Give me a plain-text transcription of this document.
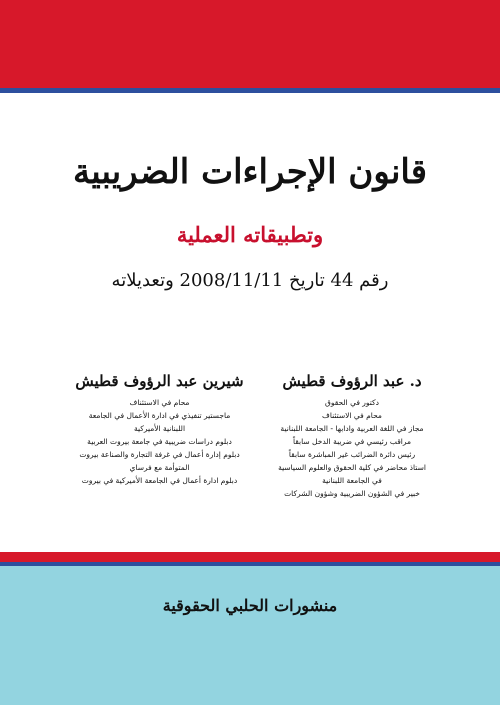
قانون الإجراءات الضريبية
وتطبيقاته العملية
رقم 44 تاريخ 2008/11/11 وتعديلاته
د. عبد الرؤوف قطيش
دكتور في الحقوق
محام في الاستئناف
مجاز في اللغة العربية وادابها - الجامعة اللبنانية
مراقب رئيسي في ضريبة الدخل سابقاً
رئيس دائرة الضرائب غير المباشرة سابقاً
استاذ محاضر في كلية الحقوق والعلوم السياسية
في الجامعة اللبنانية
خبير في الشؤون الضريبية وشؤون الشركات
شيرين عبد الرؤوف قطيش
محام في الاستئناف
ماجستير تنفيذي في ادارة الأعمال في الجامعة
اللبنانية الأميركية
دبلوم دراسات ضريبية في جامعة بيروت العربية
دبلوم إدارة أعمال في غرفة التجارة والصناعة بيروت
المتوأمة مع فرساي
دبلوم ادارة أعمال في الجامعة الأميركية في بيروت
منشورات الحلبي الحقوقية
